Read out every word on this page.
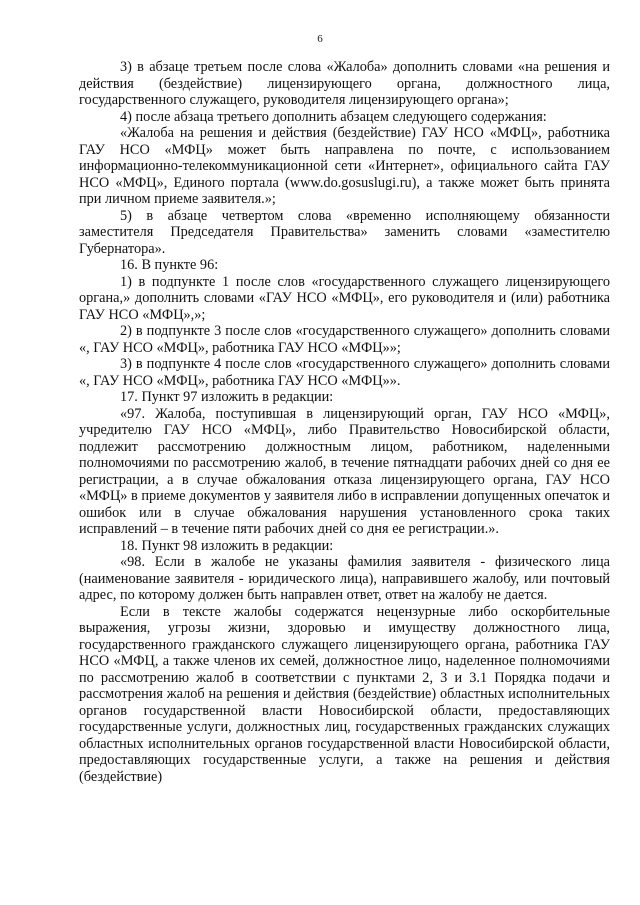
6

3) в абзаце третьем после слова «Жалоба» дополнить словами «на решения и действия (бездействие) лицензирующего органа, должностного лица, государственного служащего, руководителя лицензирующего органа»;

4) после абзаца третьего дополнить абзацем следующего содержания:

«Жалоба на решения и действия (бездействие) ГАУ НСО «МФЦ», работника ГАУ НСО «МФЦ» может быть направлена по почте, с использованием информационно-телекоммуникационной сети «Интернет», официального сайта ГАУ НСО «МФЦ», Единого портала (www.do.gosuslugi.ru), а также может быть принята при личном приеме заявителя.»;

5) в абзаце четвертом слова «временно исполняющему обязанности заместителя Председателя Правительства» заменить словами «заместителю Губернатора».

16. В пункте 96:

1) в подпункте 1 после слов «государственного служащего лицензирующего органа,» дополнить словами «ГАУ НСО «МФЦ», его руководителя и (или) работника ГАУ НСО «МФЦ»,»;

2) в подпункте 3 после слов «государственного служащего» дополнить словами «, ГАУ НСО «МФЦ», работника ГАУ НСО «МФЦ»»;

3) в подпункте 4 после слов «государственного служащего» дополнить словами «, ГАУ НСО «МФЦ», работника ГАУ НСО «МФЦ»».

17. Пункт 97 изложить в редакции:

«97. Жалоба, поступившая в лицензирующий орган, ГАУ НСО «МФЦ», учредителю ГАУ НСО «МФЦ», либо Правительство Новосибирской области, подлежит рассмотрению должностным лицом, работником, наделенными полномочиями по рассмотрению жалоб, в течение пятнадцати рабочих дней со дня ее регистрации, а в случае обжалования отказа лицензирующего органа, ГАУ НСО «МФЦ» в приеме документов у заявителя либо в исправлении допущенных опечаток и ошибок или в случае обжалования нарушения установленного срока таких исправлений – в течение пяти рабочих дней со дня ее регистрации.».

18. Пункт 98 изложить в редакции:

«98. Если в жалобе не указаны фамилия заявителя - физического лица (наименование заявителя - юридического лица), направившего жалобу, или почтовый адрес, по которому должен быть направлен ответ, ответ на жалобу не дается.

Если в тексте жалобы содержатся нецензурные либо оскорбительные выражения, угрозы жизни, здоровью и имуществу должностного лица, государственного гражданского служащего лицензирующего органа, работника ГАУ НСО «МФЦ, а также членов их семей, должностное лицо, наделенное полномочиями по рассмотрению жалоб в соответствии с пунктами 2, 3 и 3.1 Порядка подачи и рассмотрения жалоб на решения и действия (бездействие) областных исполнительных органов государственной власти Новосибирской области, предоставляющих государственные услуги, должностных лиц, государственных гражданских служащих областных исполнительных органов государственной власти Новосибирской области, предоставляющих государственные услуги, а также на решения и действия (бездействие)
